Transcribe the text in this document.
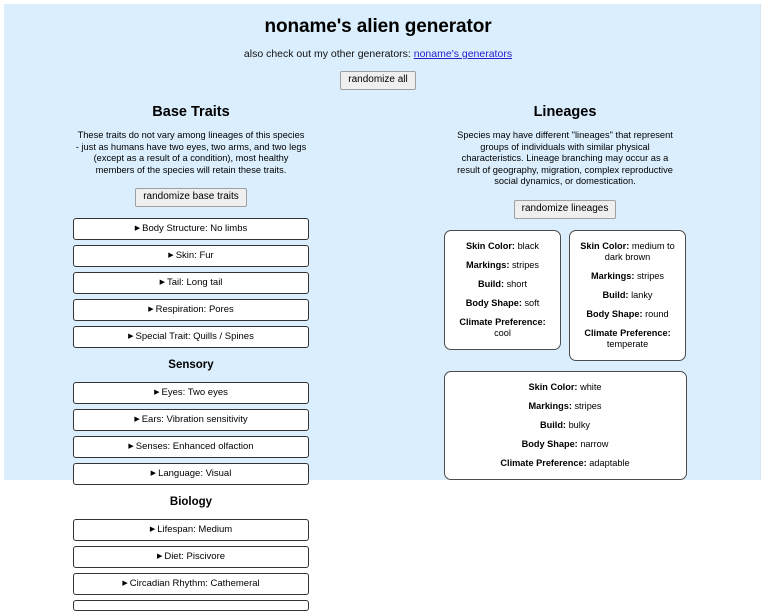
noname's alien generator
also check out my other generators: noname's generators
randomize all
Base Traits

These traits do not vary among lineages of this species - just as humans have two eyes, two arms, and two legs (except as a result of a condition), most healthy members of the species will retain these traits.

randomize base traits
▶ Body Structure: No limbs
▶ Skin: Fur
▶ Tail: Long tail
▶ Respiration: Pores
▶ Special Trait: Quills / Spines
Sensory
▶ Eyes: Two eyes
▶ Ears: Vibration sensitivity
▶ Senses: Enhanced olfaction
▶ Language: Visual
Biology
▶ Lifespan: Medium
▶ Diet: Piscivore
▶ Circadian Rhythm: Cathemeral
Lineages

Species may have different "lineages" that represent groups of individuals with similar physical characteristics. Lineage branching may occur as a result of geography, migration, complex reproductive social dynamics, or domestication.

randomize lineages
Skin Color: black
Markings: stripes
Build: short
Body Shape: soft
Climate Preference: cool
Skin Color: medium to dark brown
Markings: stripes
Build: lanky
Body Shape: round
Climate Preference: temperate
Skin Color: white
Markings: stripes
Build: bulky
Body Shape: narrow
Climate Preference: adaptable
